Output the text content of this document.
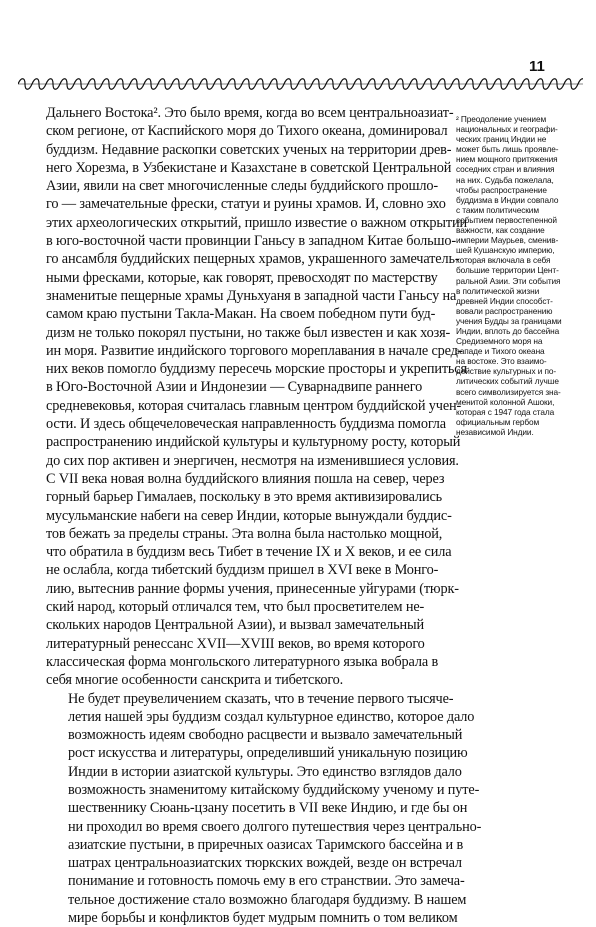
11

Дальнего Востока². Это было время, когда во всем центральноазиат-
ском регионе, от Каспийского моря до Тихого океана, доминировал
буддизм. Недавние раскопки советских ученых на территории древ-
него Хорезма, в Узбекистане и Казахстане в советской Центральной
Азии, явили на свет многочисленные следы буддийского прошло-
го — замечательные фрески, статуи и руины храмов. И, словно эхо
этих археологических открытий, пришло известие о важном открытии
в юго-восточной части провинции Ганьсу в западном Китае большо-
го ансамбля буддийских пещерных храмов, украшенного замечатель-
ными фресками, которые, как говорят, превосходят по мастерству
знаменитые пещерные храмы Дуньхуаня в западной части Ганьсу на
самом краю пустыни Такла-Макан. На своем победном пути буд-
дизм не только покорял пустыни, но также был известен и как хозя-
ин моря. Развитие индийского торгового мореплавания в начале сред-
них веков помогло буддизму пересечь морские просторы и укрепиться
в Юго-Восточной Азии и Индонезии — Суварнадвипе раннего
средневековья, которая считалась главным центром буддийской учен-
ости. И здесь общечеловеческая направленность буддизма помогла
распространению индийской культуры и культурному росту, который
до сих пор активен и энергичен, несмотря на изменившиеся условия.
С VII века новая волна буддийского влияния пошла на север, через
горный барьер Гималаев, поскольку в это время активизировались
мусульманские набеги на север Индии, которые вынуждали буддис-
тов бежать за пределы страны. Эта волна была настолько мощной,
что обратила в буддизм весь Тибет в течение IX и X веков, и ее сила
не ослабла, когда тибетский буддизм пришел в XVI веке в Монго-
лию, вытеснив ранние формы учения, принесенные уйгурами (тюрк-
ский народ, который отличался тем, что был просветителем не-
скольких народов Центральной Азии), и вызвал замечательный
литературный ренессанс XVII—XVIII веков, во время которого
классическая форма монгольского литературного языка вобрала в
себя многие особенности санскрита и тибетского.

Не будет преувеличением сказать, что в течение первого тысяче-
летия нашей эры буддизм создал культурное единство, которое дало
возможность идеям свободно расцвести и вызвало замечательный
рост искусства и литературы, определивший уникальную позицию
Индии в истории азиатской культуры. Это единство взглядов дало
возможность знаменитому китайскому буддийскому ученому и путе-
шественнику Сюань-цзану посетить в VII веке Индию, и где бы он
ни проходил во время своего долгого путешествия через центрально-
азиатские пустыни, в приречных оазисах Таримского бассейна и в
шатрах центральноазиатских тюркских вождей, везде он встречал
понимание и готовность помочь ему в его странствии. Это замеча-
тельное достижение стало возможно благодаря буддизму. В нашем
мире борьбы и конфликтов будет мудрым помнить о том великом

² Преодоление учением
национальных и географи-
ческих границ Индии не
может быть лишь проявле-
нием мощного притяжения
соседних стран и влияния
на них. Судьба пожелала,
чтобы распространение
буддизма в Индии совпало
с таким политическим
событием первостепенной
важности, как создание
империи Маурьев, сменив-
шей Кушанскую империю,
которая включала в себя
большие территории Цент-
ральной Азии. Эти события
в политической жизни
древней Индии способст-
вовали распространению
учения Будды за границами
Индии, вплоть до бассейна
Средиземного моря на
западе и Тихого океана
на востоке. Это взаимо-
действие культурных и по-
литических событий лучше
всего символизируется зна-
менитой колонной Ашоки,
которая с 1947 года стала
официальным гербом
независимой Индии.
